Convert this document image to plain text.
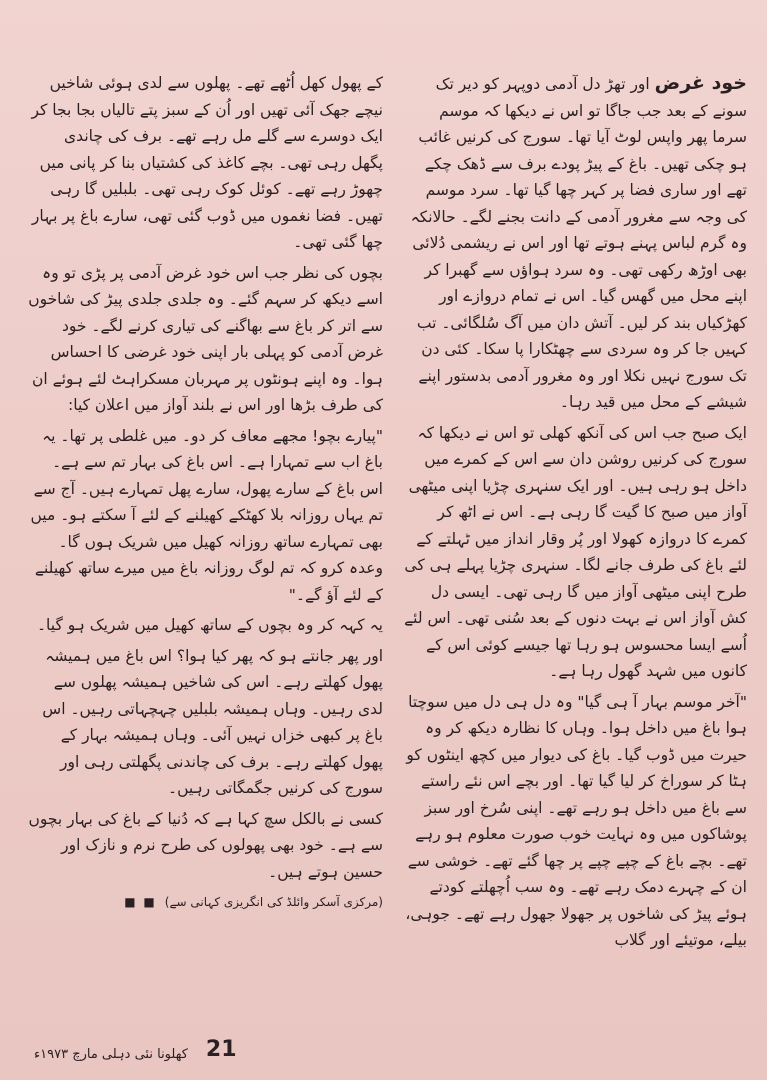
خود غرض اور تھڑ دل آدمی دوپہر کو دیر تک سونے کے بعد جب جاگا تو اس نے دیکھا کہ موسم سرما پھر واپس لوٹ آیا تھا۔ سورج کی کرنیں غائب ہو چکی تھیں۔ باغ کے پیڑ پودے برف سے ڈھک چکے تھے اور ساری فضا پر کہر چھا گیا تھا۔ سرد موسم کی وجہ سے مغرور آدمی کے دانت بجنے لگے۔ حالانکہ وہ گرم لباس پہنے ہوتے تھا اور اس نے ریشمی دُلائی بھی اوڑھ رکھی تھی۔ وہ سرد ہواؤں سے گھبرا کر اپنے محل میں گھس گیا۔ اس نے تمام دروازے اور کھڑکیاں بند کر لیں۔ آتش دان میں آگ سُلگائی۔ تب کہیں جا کر وہ سردی سے چھٹکارا پا سکا۔ کئی دن تک سورج نہیں نکلا اور وہ مغرور آدمی بدستور اپنے شیشے کے محل میں قید رہا۔

ایک صبح جب اس کی آنکھ کھلی تو اس نے دیکھا کہ سورج کی کرنیں روشن دان سے اس کے کمرے میں داخل ہو رہی ہیں۔ اور ایک سنہری چڑیا اپنی میٹھی آواز میں صبح کا گیت گا رہی ہے۔ اس نے اٹھ کر کمرے کا دروازہ کھولا اور پُر وقار انداز میں ٹہلتے کے لئے باغ کی طرف جانے لگا۔ سنہری چڑیا پہلے ہی کی طرح اپنی میٹھی آواز میں گا رہی تھی۔ ایسی دل کش آواز اس نے بہت دنوں کے بعد سُنی تھی۔ اس لئے اُسے ایسا محسوس ہو رہا تھا جیسے کوئی اس کے کانوں میں شہد گھول رہا ہے۔

"آخر موسم بہار آ ہی گیا" وہ دل ہی دل میں سوچتا ہوا باغ میں داخل ہوا۔ وہاں کا نظارہ دیکھ کر وہ حیرت میں ڈوب گیا۔ باغ کی دیوار میں کچھ اینٹوں کو ہٹا کر سوراخ کر لیا گیا تھا۔ اور بچے اس نئے راستے سے باغ میں داخل ہو رہے تھے۔ اپنی سُرخ اور سبز پوشاکوں میں وہ نہایت خوب صورت معلوم ہو رہے تھے۔ بچے باغ کے چپے چپے پر چھا گئے تھے۔ خوشی سے ان کے چہرے دمک رہے تھے۔ وہ سب اُچھلتے کودتے ہوئے پیڑ کی شاخوں پر جھولا جھول رہے تھے۔ جوہی، بیلے، موتیئے اور گلاب

کے پھول کھل اُٹھے تھے۔ پھلوں سے لدی ہوئی شاخیں نیچے جھک آئی تھیں اور اُن کے سبز پتے تالیاں بجا بجا کر ایک دوسرے سے گلے مل رہے تھے۔ برف کی چاندی پگھل رہی تھی۔ بچے کاغذ کی کشتیاں بنا کر پانی میں چھوڑ رہے تھے۔ کوئل کوک رہی تھی۔ بلبلیں گا رہی تھیں۔ فضا نغموں میں ڈوب گئی تھی، سارے باغ پر بہار چھا گئی تھی۔

بچوں کی نظر جب اس خود غرض آدمی پر پڑی تو وہ اسے دیکھ کر سہم گئے۔ وہ جلدی جلدی پیڑ کی شاخوں سے اتر کر باغ سے بھاگنے کی تیاری کرنے لگے۔ خود غرض آدمی کو پہلی بار اپنی خود غرضی کا احساس ہوا۔ وہ اپنے ہونٹوں پر مہربان مسکراہٹ لئے ہوئے ان کی طرف بڑھا اور اس نے بلند آواز میں اعلان کیا:

"پیارے بچو! مجھے معاف کر دو۔ میں غلطی پر تھا۔ یہ باغ اب سے تمہارا ہے۔ اس باغ کی بہار تم سے ہے۔ اس باغ کے سارے پھول، سارے پھل تمہارے ہیں۔ آج سے تم یہاں روزانہ بلا کھٹکے کھیلنے کے لئے آ سکتے ہو۔ میں بھی تمہارے ساتھ روزانہ کھیل میں شریک ہوں گا۔ وعدہ کرو کہ تم لوگ روزانہ باغ میں میرے ساتھ کھیلنے کے لئے آؤ گے۔"

یہ کہہ کر وہ بچوں کے ساتھ کھیل میں شریک ہو گیا۔

اور پھر جانتے ہو کہ پھر کیا ہوا؟ اس باغ میں ہمیشہ پھول کھلتے رہے۔ اس کی شاخیں ہمیشہ پھلوں سے لدی رہیں۔ وہاں ہمیشہ بلبلیں چہچہاتی رہیں۔ اس باغ پر کبھی خزاں نہیں آئی۔ وہاں ہمیشہ بہار کے پھول کھلتے رہے۔ برف کی چاندنی پگھلتی رہی اور سورج کی کرنیں جگمگاتی رہیں۔

کسی نے بالکل سچ کہا ہے کہ دُنیا کے باغ کی بہار بچوں سے ہے۔ خود بھی پھولوں کی طرح نرم و نازک اور حسین ہوتے ہیں۔

(مرکزی آسکر وائلڈ کی انگریزی کہانی سے)■ ■

21
کھلونا نئی دہلی مارچ ۱۹۷۳ء
